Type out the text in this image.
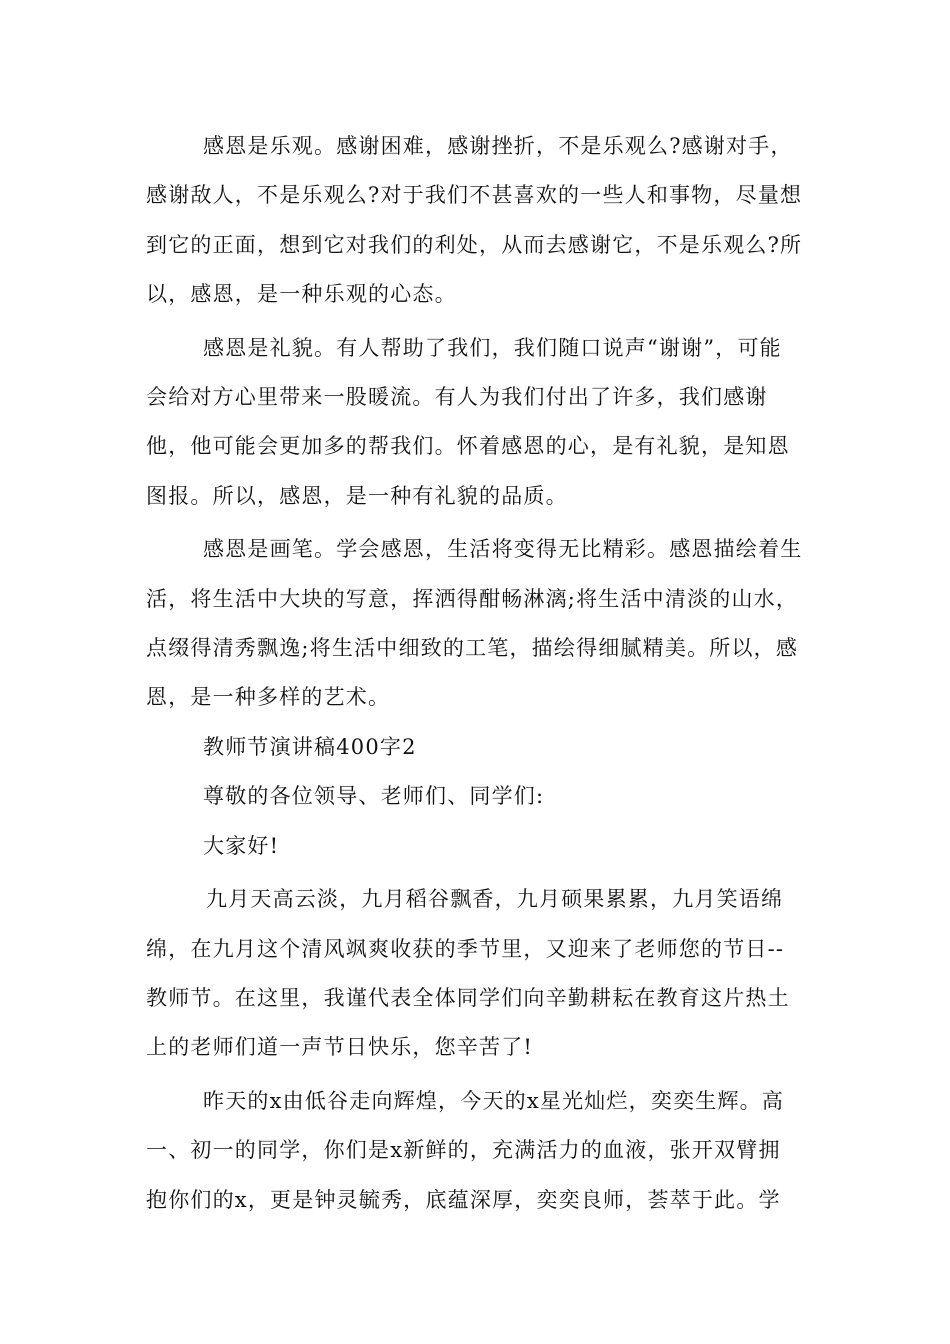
感恩是乐观。感谢困难，感谢挫折，不是乐观么?感谢对手，
感谢敌人，不是乐观么?对于我们不甚喜欢的一些人和事物，尽量想
到它的正面，想到它对我们的利处，从而去感谢它，不是乐观么?所
以，感恩，是一种乐观的心态。

感恩是礼貌。有人帮助了我们，我们随口说声“谢谢”，可能
会给对方心里带来一股暖流。有人为我们付出了许多，我们感谢
他，他可能会更加多的帮我们。怀着感恩的心，是有礼貌，是知恩
图报。所以，感恩，是一种有礼貌的品质。

感恩是画笔。学会感恩，生活将变得无比精彩。感恩描绘着生
活，将生活中大块的写意，挥洒得酣畅淋漓;将生活中清淡的山水，
点缀得清秀飘逸;将生活中细致的工笔，描绘得细腻精美。所以，感
恩，是一种多样的艺术。

教师节演讲稿400字2

尊敬的各位领导、老师们、同学们:

大家好!

九月天高云淡，九月稻谷飘香，九月硕果累累，九月笑语绵
绵，在九月这个清风飒爽收获的季节里，又迎来了老师您的节日--
教师节。在这里，我谨代表全体同学们向辛勤耕耘在教育这片热土
上的老师们道一声节日快乐，您辛苦了!

昨天的x由低谷走向辉煌，今天的x星光灿烂，奕奕生辉。高
一、初一的同学，你们是x新鲜的，充满活力的血液，张开双臂拥
抱你们的x，更是钟灵毓秀，底蕴深厚，奕奕良师，荟萃于此。学
